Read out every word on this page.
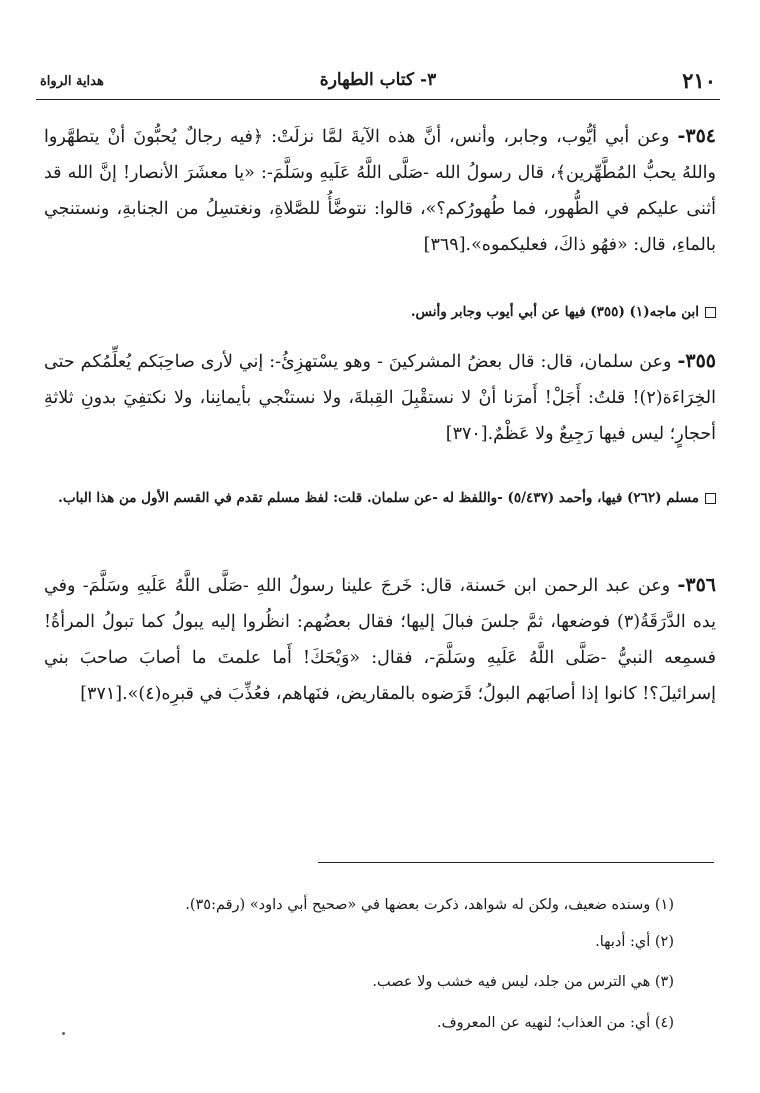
٢١٠
٣- كتاب الطهارة
هداية الرواة
٣٥٤- وعن أبي أيُّوب، وجابر، وأنس، أنَّ هذه الآيةَ لمَّا نزلَتْ: ﴿فيه رجالٌ يُحبُّونَ أنْ يتطهَّروا واللهُ يحبُّ المُطَّهِّرين﴾، قال رسولُ الله -صَلَّى اللَّهُ عَلَيهِ وسَلَّمَ-: «يا معشَرَ الأنصار! إنَّ الله قد أثنى عليكم في الطُّهور، فما طُهورُكم؟»، قالوا: نتوضَّأُ للصَّلاةِ، ونغتسِلُ من الجنابةِ، ونستنجي بالماءِ، قال: «فهُو ذاكَ، فعليكموه».[٣٦٩]
ابن ماجه(١) (٣٥٥) فيها عن أبي أيوب وجابر وأنس.
٣٥٥- وعن سلمان، قال: قال بعضُ المشركينَ - وهو يسْتهزِئُ-: إني لأرى صاحِبَكم يُعلِّمُكم حتى الخِرَاءَة(٢)! قلتُ: أَجَلْ! أَمرَنا أنْ لا نستقْبِلَ القِبلةَ، ولا نستنْجي بأيمانِنا، ولا نكتفِيَ بدونِ ثلاثةِ أحجارٍ؛ ليس فيها رَجِيعٌ ولا عَظْمٌ.[٣٧٠]
مسلم (٢٦٢) فيها، وأحمد (٥/٤٣٧) -واللفظ له -عن سلمان. قلت: لفظ مسلم تقدم في القسم الأول من هذا الباب.
٣٥٦- وعن عبد الرحمن ابن حَسنة، قال: خَرجَ علينا رسولُ اللهِ -صَلَّى اللَّهُ عَلَيهِ وسَلَّمَ- وفي يده الدَّرَقَةُ(٣) فوضعها، ثمَّ جلسَ فبالَ إليها؛ فقال بعضُهم: انظُروا إليه يبولُ كما تبولُ المرأةُ! فسمِعه النبيُّ -صَلَّى اللَّهُ عَلَيهِ وسَلَّمَ-، فقال: «وَيْحَكَ! أَما علمتَ ما أصابَ صاحبَ بني إسرائيلَ؟! كانوا إذا أصابَهم البولُ؛ قَرَضوه بالمقاريض، فنَهاهم، فعُذِّبَ في قبرِه(٤)».[٣٧١]
(١) وسنده ضعيف، ولكن له شواهد، ذكرت بعضها في «صحيح أبي داود» (رقم:٣٥).
(٢) أي: أدبها.
(٣) هي الترس من جلد، ليس فيه خشب ولا عصب.
(٤) أي: من العذاب؛ لنهيه عن المعروف.
